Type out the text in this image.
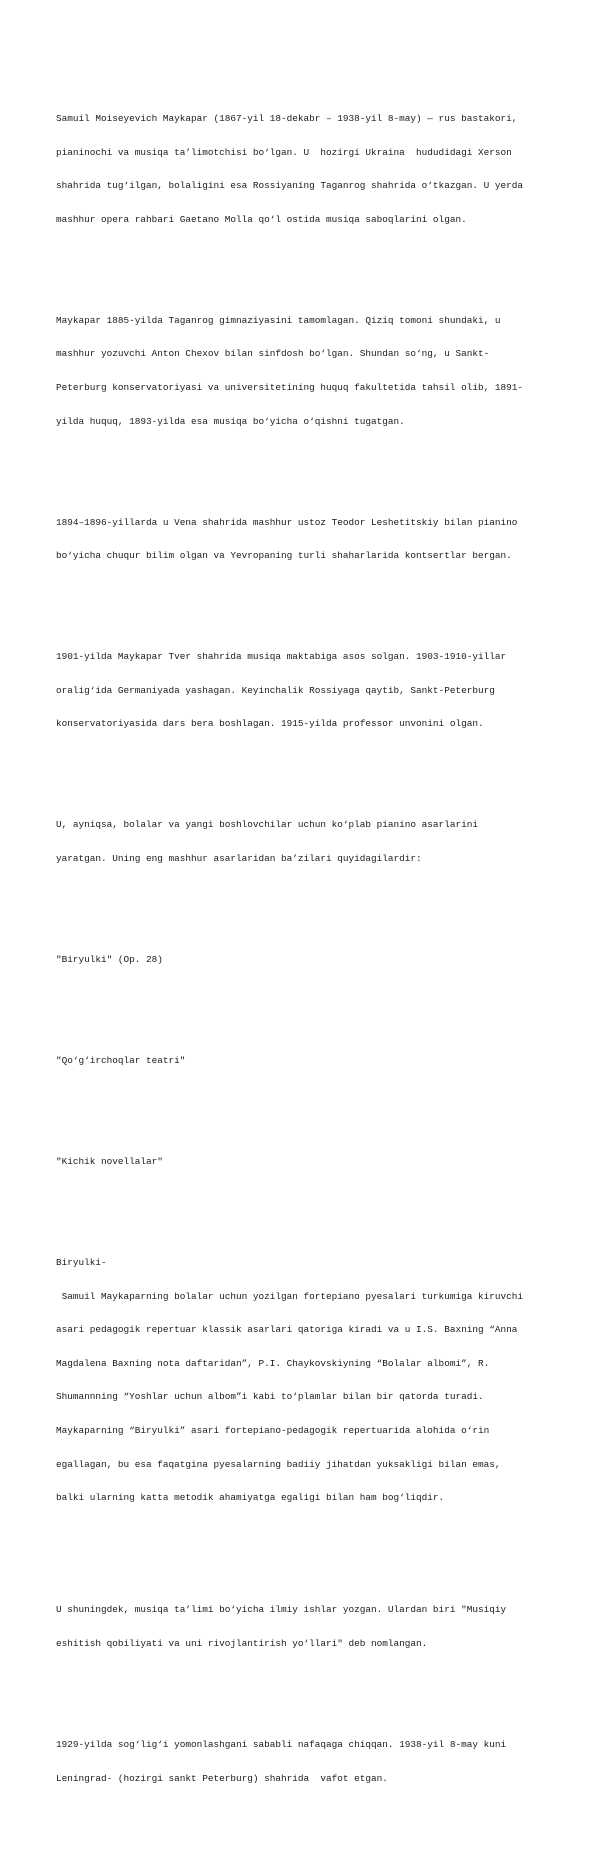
Samuil Moiseyevich Maykapar (1867-yil 18-dekabr – 1938-yil 8-may) — rus bastakori,

pianinochi va musiqa ta’limotchisi bo‘lgan. U  hozirgi Ukraina  hududidagi Xerson

shahrida tug‘ilgan, bolaligini esa Rossiyaning Taganrog shahrida o‘tkazgan. U yerda

mashhur opera rahbari Gaetano Molla qo‘l ostida musiqa saboqlarini olgan.

Maykapar 1885-yilda Taganrog gimnaziyasini tamomlagan. Qiziq tomoni shundaki, u

mashhur yozuvchi Anton Chexov bilan sinfdosh bo‘lgan. Shundan so‘ng, u Sankt-

Peterburg konservatoriyasi va universitetining huquq fakultetida tahsil olib, 1891-

yilda huquq, 1893-yilda esa musiqa bo‘yicha o‘qishni tugatgan.

1894–1896-yillarda u Vena shahrida mashhur ustoz Teodor Leshetitskiy bilan pianino

bo‘yicha chuqur bilim olgan va Yevropaning turli shaharlarida kontsertlar bergan.

1901-yilda Maykapar Tver shahrida musiqa maktabiga asos solgan. 1903-1910-yillar

oralig‘ida Germaniyada yashagan. Keyinchalik Rossiyaga qaytib, Sankt-Peterburg

konservatoriyasida dars bera boshlagan. 1915-yilda professor unvonini olgan.

U, ayniqsa, bolalar va yangi boshlovchilar uchun ko‘plab pianino asarlarini

yaratgan. Uning eng mashhur asarlaridan ba’zilari quyidagilardir:

"Biryulki" (Op. 28)

"Qo‘g‘irchoqlar teatri"

"Kichik novellalar"

Biryulki-

Samuil Maykaparning bolalar uchun yozilgan fortepiano pyesalari turkumiga kiruvchi

asari pedagogik repertuar klassik asarlari qatoriga kiradi va u I.S. Baxning “Anna

Magdalena Baxning nota daftaridan”, P.I. Chaykovskiyning “Bolalar albomi”, R.

Shumannning “Yoshlar uchun albom”i kabi to‘plamlar bilan bir qatorda turadi.

Maykaparning “Biryulki” asari fortepiano-pedagogik repertuarida alohida o‘rin

egallagan, bu esa faqatgina pyesalarning badiiy jihatdan yuksakligi bilan emas,

balki ularning katta metodik ahamiyatga egaligi bilan ham bog‘liqdir.

U shuningdek, musiqa ta’limi bo‘yicha ilmiy ishlar yozgan. Ulardan biri "Musiqiy

eshitish qobiliyati va uni rivojlantirish yo‘llari" deb nomlangan.

1929-yilda sog‘lig‘i yomonlashgani sababli nafaqaga chiqqan. 1938-yil 8-may kuni

Leningrad- (hozirgi sankt Peterburg) shahrida  vafot etgan.
